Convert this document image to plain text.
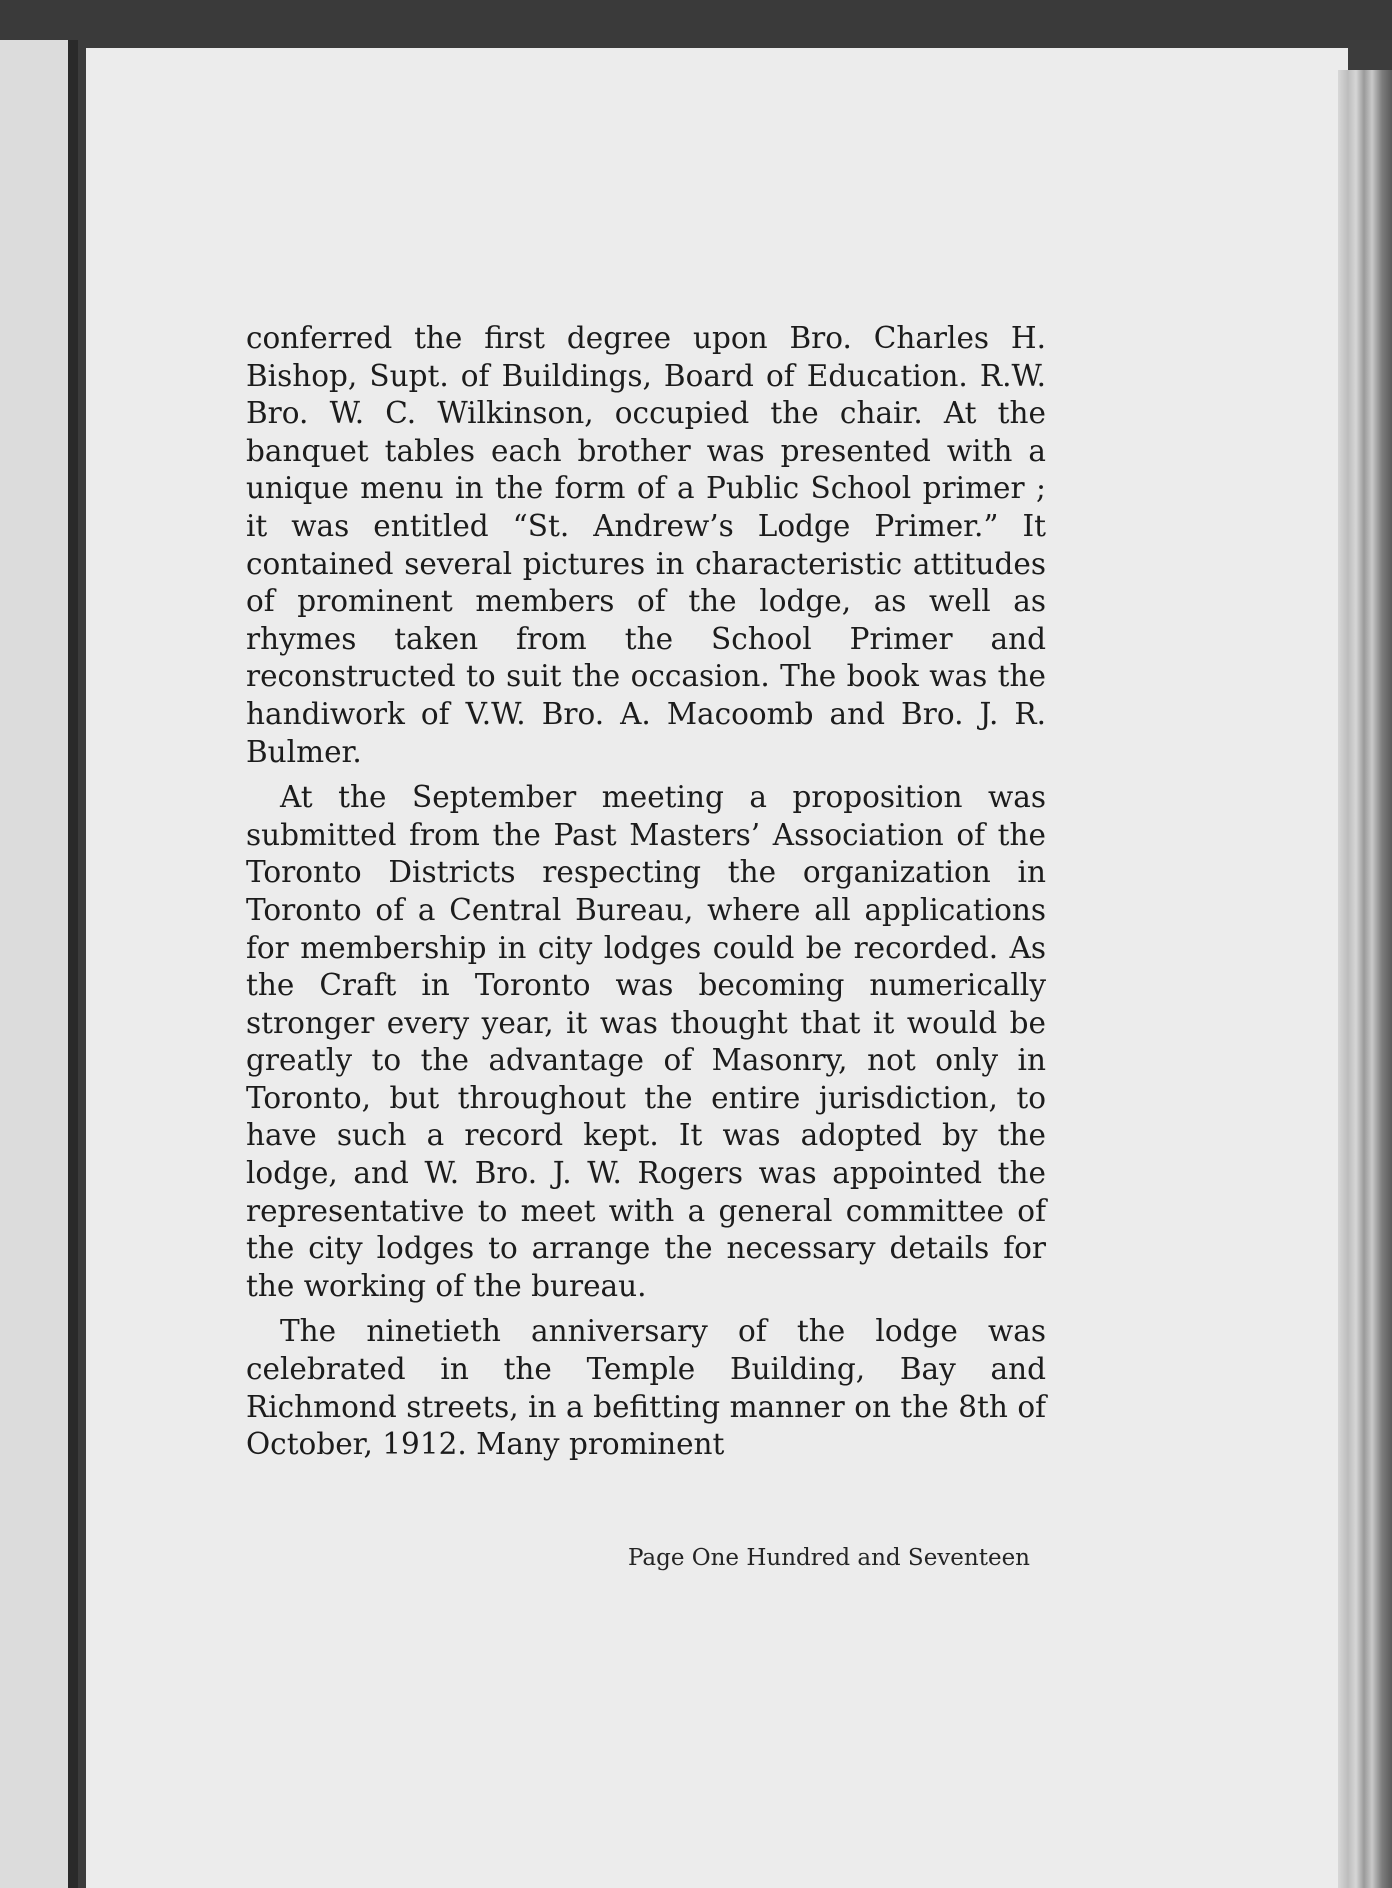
conferred the first degree upon Bro. Charles H. Bishop, Supt. of Buildings, Board of Education. R.W. Bro. W. C. Wilkinson, occupied the chair. At the banquet tables each brother was presented with a unique menu in the form of a Public School primer ; it was entitled “St. Andrew’s Lodge Primer.” It contained several pictures in characteristic attitudes of prominent members of the lodge, as well as rhymes taken from the School Primer and reconstructed to suit the occasion. The book was the handiwork of V.W. Bro. A. Macoomb and Bro. J. R. Bulmer.

At the September meeting a proposition was submitted from the Past Masters’ Association of the Toronto Districts respecting the organization in Toronto of a Central Bureau, where all applications for membership in city lodges could be recorded. As the Craft in Toronto was becoming numerically stronger every year, it was thought that it would be greatly to the advantage of Masonry, not only in Toronto, but throughout the entire jurisdiction, to have such a record kept. It was adopted by the lodge, and W. Bro. J. W. Rogers was appointed the representative to meet with a general committee of the city lodges to arrange the necessary details for the working of the bureau.

The ninetieth anniversary of the lodge was celebrated in the Temple Building, Bay and Richmond streets, in a befitting manner on the 8th of October, 1912. Many prominent

Page One Hundred and Seventeen
